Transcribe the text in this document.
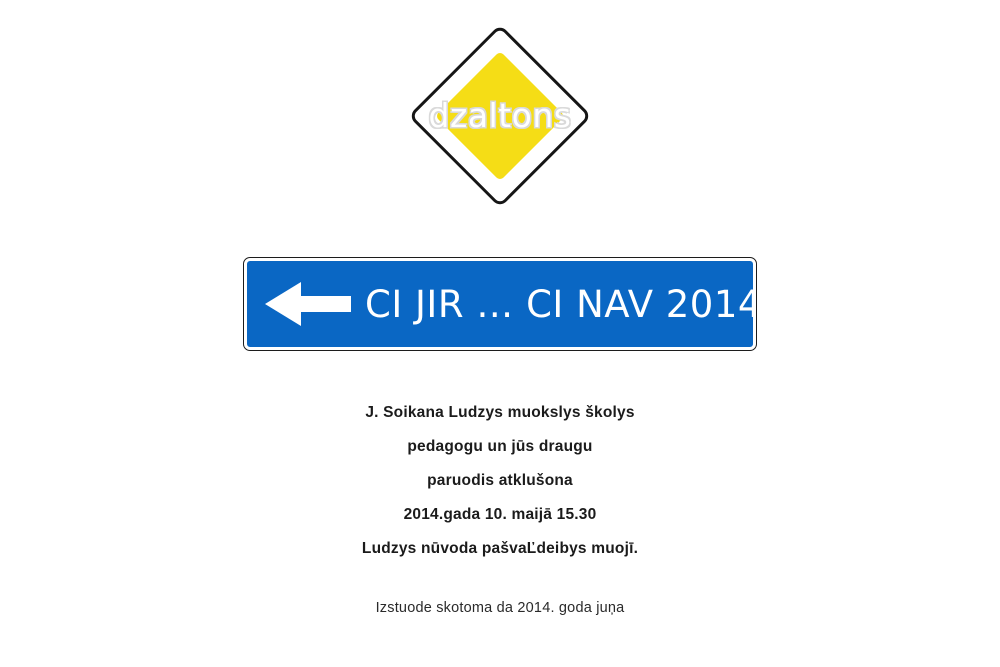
dzaltons
CI JIR … CI NAV 2014
J. Soikana Ludzys muokslys školys
pedagogu un jūs draugu
paruodis atklušona
2014.gada 10. maijā 15.30
Ludzys nūvoda pašvaĽdeibys muojī.
Izstuode skotoma da 2014. goda juņa
